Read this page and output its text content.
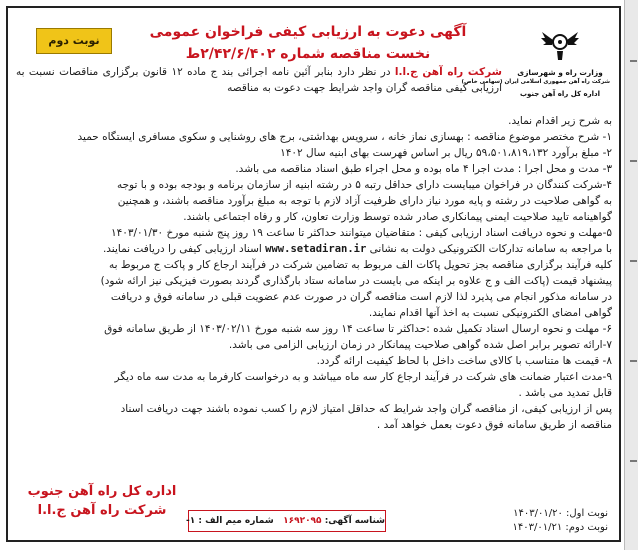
نوبت دوم
آگهی دعوت به ارزیابی کیفی فراخوان عمومی
نخست مناقصه شماره ۲/۴۲/۶/۴۰۲ط
وزارت راه و شهرسازی
شرکت راه آهن جمهوری اسلامی ایران (سهامی خاص)
اداره کل راه آهن جنوب
شرکت راه آهن ج.ا.ا در نظر دارد بنابر آئین نامه اجرائی بند ج ماده ۱۲ قانون برگزاری مناقصات نسبت به ارزیابی کیفی مناقصه گران واجد شرایط جهت دعوت به مناقصه
به شرح زیر اقدام نماید.
۱- شرح مختصر موضوع مناقصه : بهسازی نماز خانه ، سرویس بهداشتی، برج های روشنایی و سکوی مسافری ایستگاه حمید
۲- مبلغ برآورد ۵۹،۵۰۱،۸۱۹،۱۳۲ ریال بر اساس فهرست بهای ابنیه سال ۱۴۰۲
۳- مدت و محل اجرا : مدت اجرا ۴ ماه بوده و محل اجراء طبق اسناد مناقصه می باشد.
۴-شرکت کنندگان در فراخوان میبایست دارای حداقل رتبه ۵ در رشته ابنیه از سازمان برنامه و بودجه بوده و با توجه
به گواهی صلاحیت در رشته و پایه مورد نیاز دارای ظرفیت آزاد لازم با توجه به مبلغ برآورد مناقصه باشند، و همچنین
گواهینامه تایید صلاحیت ایمنی پیمانکاری صادر شده توسط وزارت تعاون، کار و رفاه اجتماعی باشند.
۵-مهلت و نحوه دریافت اسناد ارزیابی کیفی : متقاضیان میتوانند حداکثر تا ساعت ۱۹ روز پنج شنبه مورخ ۱۴۰۳/۰۱/۳۰
با مراجعه به سامانه تدارکات الکترونیکی دولت به نشانی www.setadiran.ir اسناد ارزیابی کیفی را دریافت نمایند.
کلیه فرآیند برگزاری مناقصه بجز تحویل پاکات الف مربوط به تضامین شرکت در فرآیند ارجاع کار و پاکت ج مربوط به
پیشنهاد قیمت (پاکت الف و ج علاوه بر اینکه می بایست در سامانه ستاد بارگذاری گردند بصورت فیزیکی نیز ارائه شود)
در سامانه مذکور انجام می پذیرد لذا لازم است مناقصه گران در صورت عدم عضویت قبلی در سامانه فوق و دریافت
گواهی امضای الکترونیکی نسبت به اخذ آنها اقدام نمایند.
۶- مهلت و نحوه ارسال اسناد تکمیل شده :حداکثر تا ساعت ۱۴ روز سه شنبه مورخ ۱۴۰۳/۰۲/۱۱ از طریق سامانه فوق
۷-ارائه تصویر برابر اصل شده گواهی صلاحیت پیمانکار در زمان ارزیابی الزامی می باشد.
۸- قیمت ها متناسب با کالای ساخت داخل با لحاظ کیفیت ارائه گردد.
۹-مدت اعتبار ضمانت های شرکت در فرآیند ارجاع کار سه ماه میباشد و به درخواست کارفرما به مدت سه ماه دیگر
قابل تمدید می باشد .
پس از ارزیابی کیفی، از مناقصه گران واجد شرایط که حداقل امتیاز لازم را کسب نموده باشند جهت دریافت اسناد
مناقصه از طریق سامانه فوق دعوت بعمل خواهد آمد .
اداره کل راه آهن جنوب
شرکت راه آهن ج.ا.ا
شناسه آگهی: ۱۶۹۲۰۹۵   شماره میم الف : ۱-
نوبت اول: ۱۴۰۳/۰۱/۲۰
نوبت دوم: ۱۴۰۳/۰۱/۲۱
